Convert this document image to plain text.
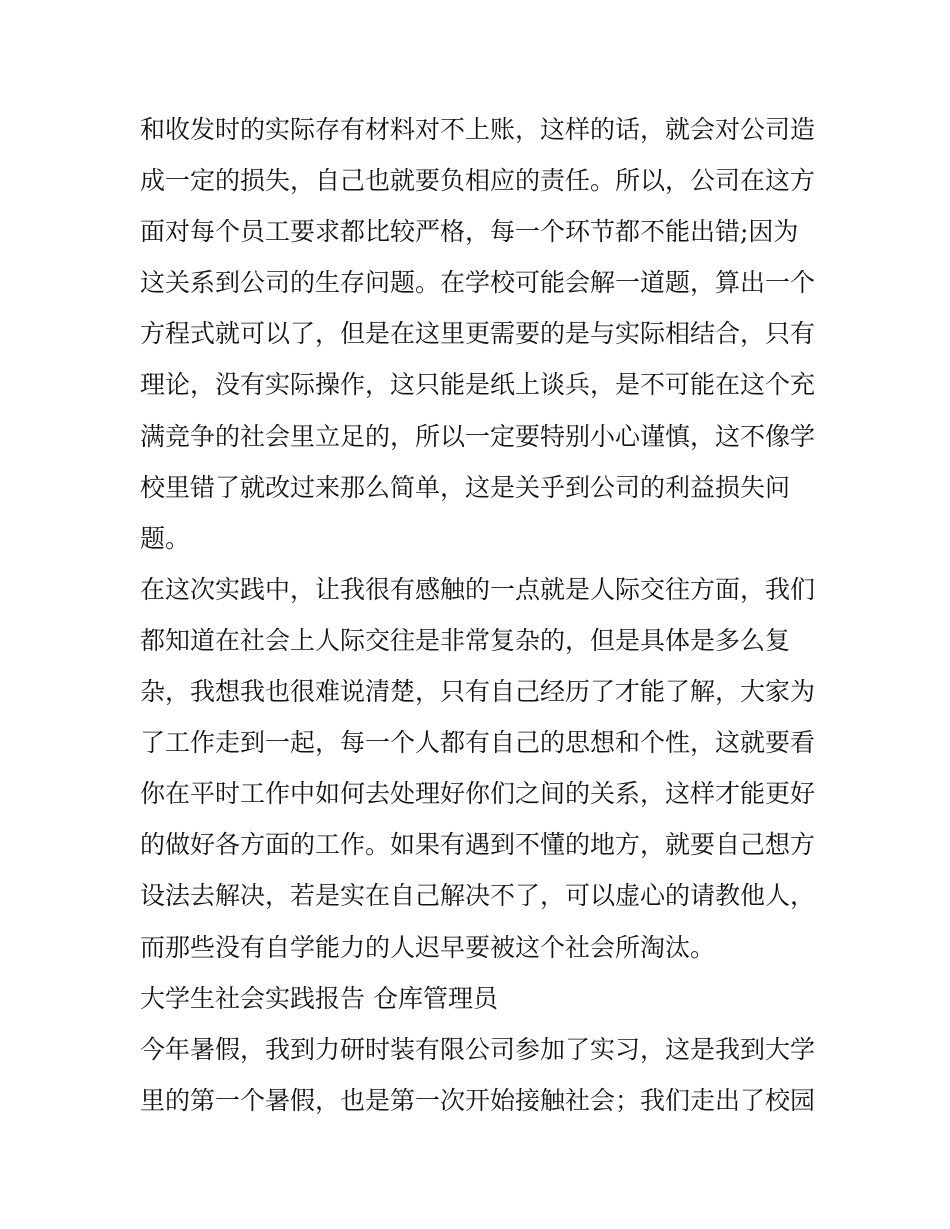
和收发时的实际存有材料对不上账，这样的话，就会对公司造
成一定的损失，自己也就要负相应的责任。所以，公司在这方
面对每个员工要求都比较严格，每一个环节都不能出错;因为
这关系到公司的生存问题。在学校可能会解一道题，算出一个
方程式就可以了，但是在这里更需要的是与实际相结合，只有
理论，没有实际操作，这只能是纸上谈兵，是不可能在这个充
满竞争的社会里立足的，所以一定要特别小心谨慎，这不像学
校里错了就改过来那么简单，这是关乎到公司的利益损失问
题。
在这次实践中，让我很有感触的一点就是人际交往方面，我们
都知道在社会上人际交往是非常复杂的，但是具体是多么复
杂，我想我也很难说清楚，只有自己经历了才能了解，大家为
了工作走到一起，每一个人都有自己的思想和个性，这就要看
你在平时工作中如何去处理好你们之间的关系，这样才能更好
的做好各方面的工作。如果有遇到不懂的地方，就要自己想方
设法去解决，若是实在自己解决不了，可以虚心的请教他人，
而那些没有自学能力的人迟早要被这个社会所淘汰。
大学生社会实践报告 仓库管理员
今年暑假，我到力研时装有限公司参加了实习，这是我到大学
里的第一个暑假，也是第一次开始接触社会；我们走出了校园
